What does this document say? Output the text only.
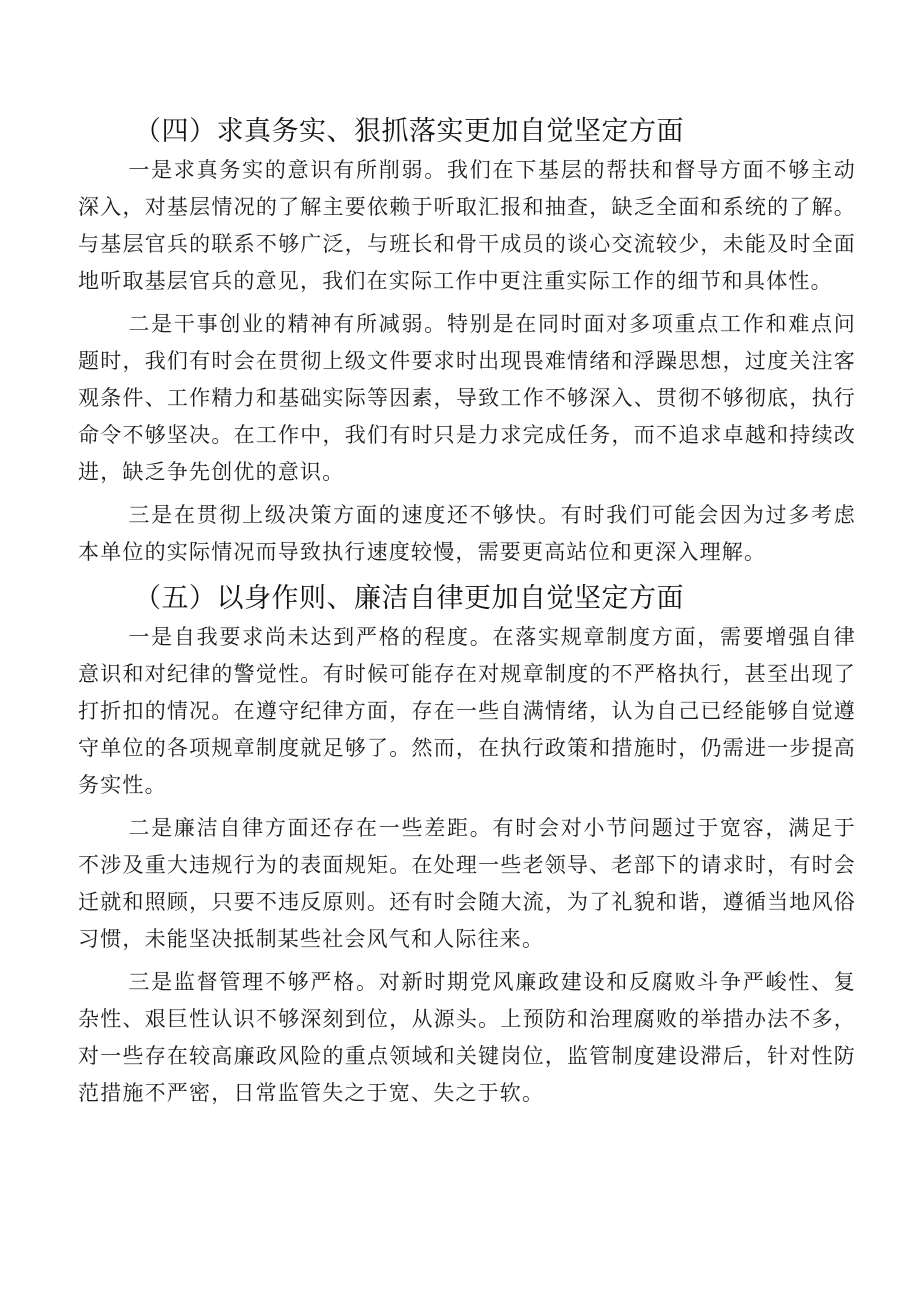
（四）求真务实、狠抓落实更加自觉坚定方面

一是求真务实的意识有所削弱。我们在下基层的帮扶和督导方面不够主动深入，对基层情况的了解主要依赖于听取汇报和抽查，缺乏全面和系统的了解。与基层官兵的联系不够广泛，与班长和骨干成员的谈心交流较少，未能及时全面地听取基层官兵的意见，我们在实际工作中更注重实际工作的细节和具体性。

二是干事创业的精神有所减弱。特别是在同时面对多项重点工作和难点问题时，我们有时会在贯彻上级文件要求时出现畏难情绪和浮躁思想，过度关注客观条件、工作精力和基础实际等因素，导致工作不够深入、贯彻不够彻底，执行命令不够坚决。在工作中，我们有时只是力求完成任务，而不追求卓越和持续改进，缺乏争先创优的意识。

三是在贯彻上级决策方面的速度还不够快。有时我们可能会因为过多考虑本单位的实际情况而导致执行速度较慢，需要更高站位和更深入理解。

（五）以身作则、廉洁自律更加自觉坚定方面

一是自我要求尚未达到严格的程度。在落实规章制度方面，需要增强自律意识和对纪律的警觉性。有时候可能存在对规章制度的不严格执行，甚至出现了打折扣的情况。在遵守纪律方面，存在一些自满情绪，认为自己已经能够自觉遵守单位的各项规章制度就足够了。然而，在执行政策和措施时，仍需进一步提高务实性。

二是廉洁自律方面还存在一些差距。有时会对小节问题过于宽容，满足于不涉及重大违规行为的表面规矩。在处理一些老领导、老部下的请求时，有时会迁就和照顾，只要不违反原则。还有时会随大流，为了礼貌和谐，遵循当地风俗习惯，未能坚决抵制某些社会风气和人际往来。

三是监督管理不够严格。对新时期党风廉政建设和反腐败斗争严峻性、复杂性、艰巨性认识不够深刻到位，从源头。上预防和治理腐败的举措办法不多，对一些存在较高廉政风险的重点领域和关键岗位，监管制度建设滞后，针对性防范措施不严密，日常监管失之于宽、失之于软。
